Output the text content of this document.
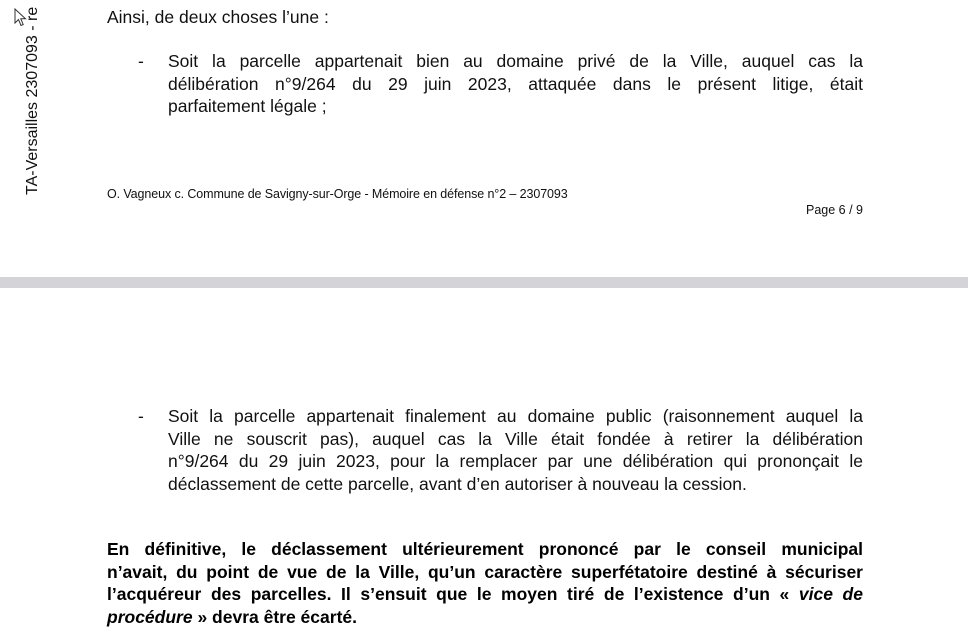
TA-Versailles 2307093 - re	Ainsi, de deux choses l’une :
- Soit la parcelle appartenait bien au domaine privé de la Ville, auquel cas la
délibération n°9/264 du 29 juin 2023, attaquée dans le présent litige, était
parfaitement légale ;
O. Vagneux c. Commune de Savigny-sur-Orge - Mémoire en défense n°2 – 2307093
Page 6 / 9
- Soit la parcelle appartenait finalement au domaine public (raisonnement auquel la
Ville ne souscrit pas), auquel cas la Ville était fondée à retirer la délibération
n°9/264 du 29 juin 2023, pour la remplacer par une délibération qui prononçait le
déclassement de cette parcelle, avant d’en autoriser à nouveau la cession.
En définitive, le déclassement ultérieurement prononcé par le conseil municipal
n’avait, du point de vue de la Ville, qu’un caractère superfétatoire destiné à sécuriser
l’acquéreur des parcelles. Il s’ensuit que le moyen tiré de l’existence d’un « vice de
procédure » devra être écarté.
